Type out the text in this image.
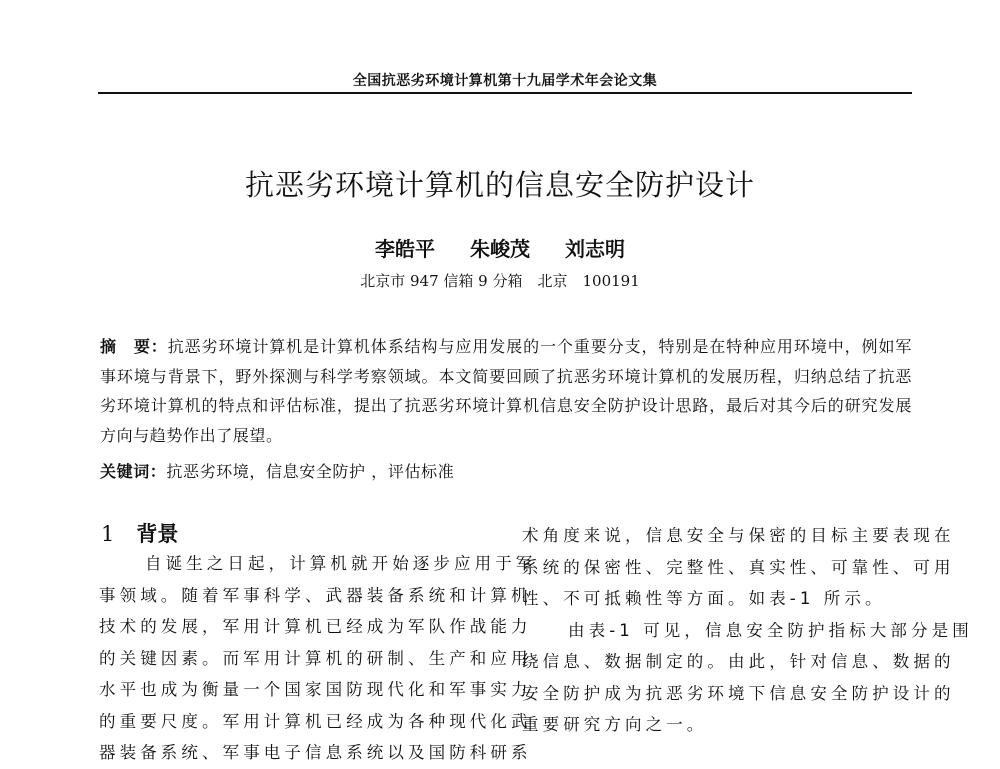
全国抗恶劣环境计算机第十九届学术年会论文集
抗恶劣环境计算机的信息安全防护设计
李皓平 朱峻茂 刘志明
北京市 947 信箱 9 分箱　北京　100191
摘　要：抗恶劣环境计算机是计算机体系结构与应用发展的一个重要分支，特别是在特种应用环境中，例如军事环境与背景下，野外探测与科学考察领域。本文简要回顾了抗恶劣环境计算机的发展历程，归纳总结了抗恶劣环境计算机的特点和评估标准，提出了抗恶劣环境计算机信息安全防护设计思路，最后对其今后的研究发展方向与趋势作出了展望。
关键词：抗恶劣环境，信息安全防护 ，评估标准
1 背景
自诞生之日起，计算机就开始逐步应用于军
事领域。随着军事科学、武器装备系统和计算机
技术的发展，军用计算机已经成为军队作战能力
的关键因素。而军用计算机的研制、生产和应用
水平也成为衡量一个国家国防现代化和军事实力
的重要尺度。军用计算机已经成为各种现代化武
器装备系统、军事电子信息系统以及国防科研系
术角度来说，信息安全与保密的目标主要表现在
系统的保密性、完整性、真实性、可靠性、可用
性、不可抵赖性等方面。如表-1 所示。
由表-1 可见，信息安全防护指标大部分是围
绕信息、数据制定的。由此，针对信息、数据的
安全防护成为抗恶劣环境下信息安全防护设计的
重要研究方向之一。
